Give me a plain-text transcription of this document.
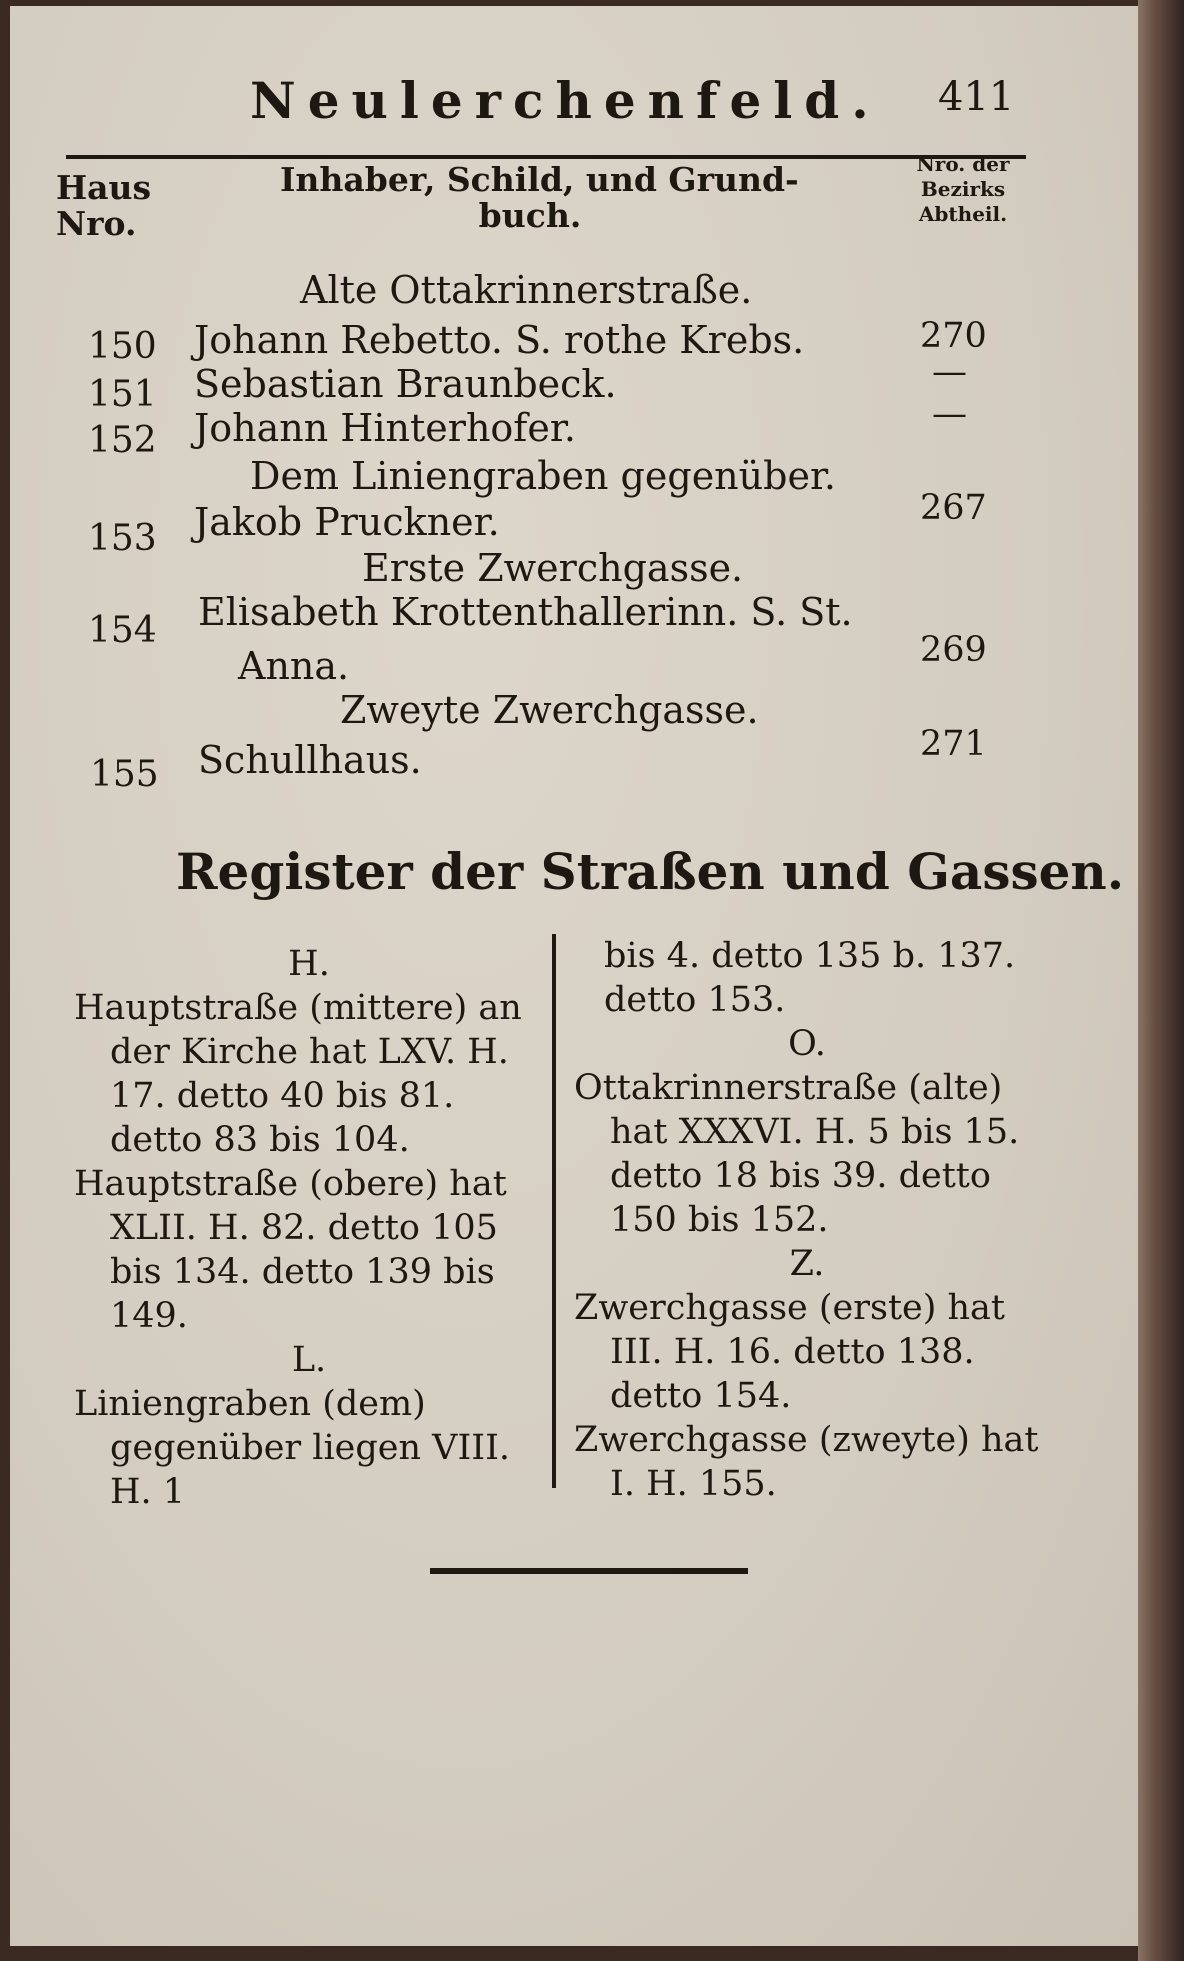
Neulerchenfeld. 411
Haus
Nro.
Inhaber, Schild, und Grund-
buch.
Nro. der
Bezirks
Abtheil.
Alte Ottakrinnerstraße.
150 Johann Rebetto. S. rothe Krebs.	270
151 Sebastian Braunbeck.	—
152 Johann Hinterhofer.	—
Dem Liniengraben gegenüber.
153 Jakob Pruckner.	267
Erste Zwerchgasse.
154 Elisabeth Krottenthallerinn. S. St.
Anna.	269
Zweyte Zwerchgasse.
155 Schullhaus.	271
Register der Straßen und Gassen.
H.
Hauptstraße (mittere) an der Kirche hat LXV. H. 17. detto 40 bis 81. detto 83 bis 104.
Hauptstraße (obere) hat XLII. H. 82. detto 105 bis 134. detto 139 bis 149.
L.
Liniengraben (dem) gegenüber liegen VIII. H. 1
bis 4. detto 135 b. 137. detto 153.
O.
Ottakrinnerstraße (alte) hat XXXVI. H. 5 bis 15. detto 18 bis 39. detto 150 bis 152.
Z.
Zwerchgasse (erste) hat III. H. 16. detto 138. detto 154.
Zwerchgasse (zweyte) hat I. H. 155.
